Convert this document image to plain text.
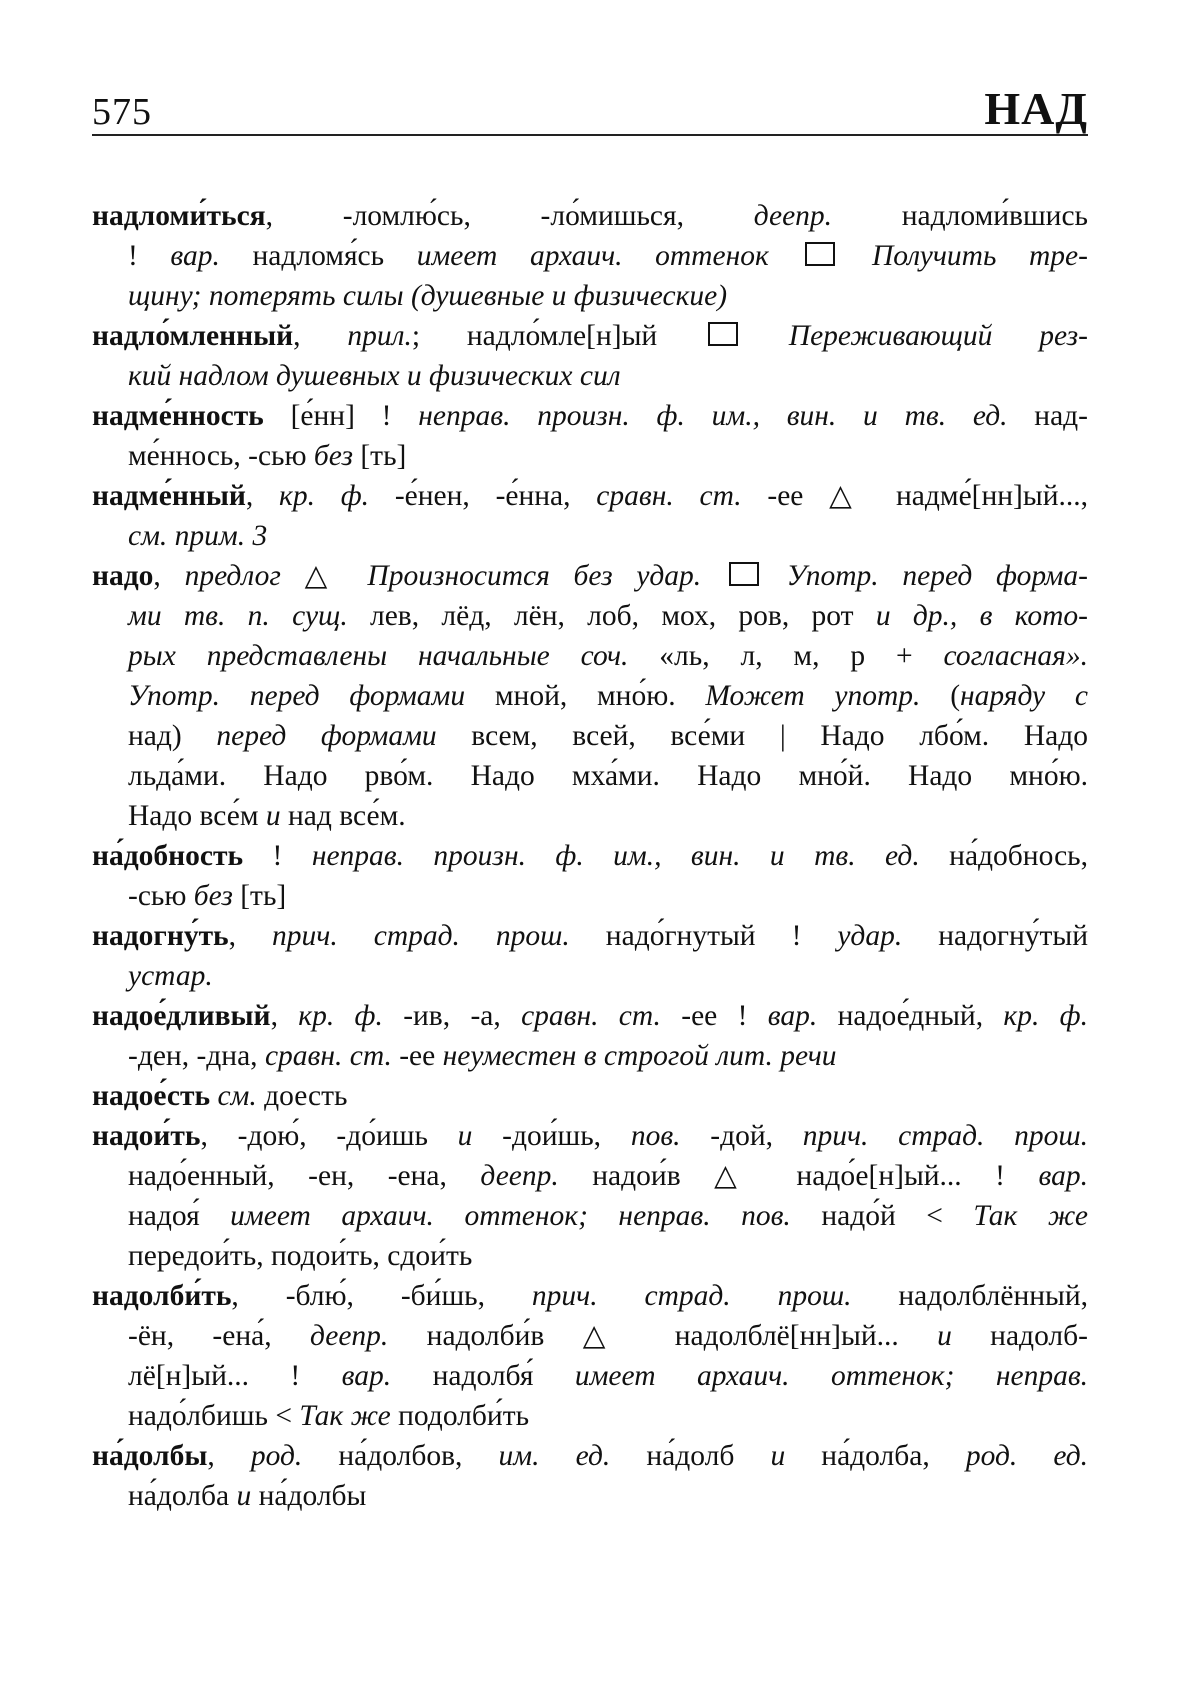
575	НАД
надломи́ться, -ломлю́сь, -ло́мишься, деепр. надломи́вшись
! вар. надломя́сь имеет архаич. оттенок  Получить тре-
щину; потерять силы (душевные и физические)
надло́мленный, прил.; надло́мле[н]ый  Переживающий рез-
кий надлом душевных и физических сил
надме́нность [е́нн] ! неправ. произн. ф. им., вин. и тв. ед. над-
ме́ннось, -сью без [ть]
надме́нный, кр. ф. -е́нен, -е́нна, сравн. ст. -ее △ надме́[нн]ый...,
см. прим. 3
надо, предлог △ Произносится без удар.  Употр. перед форма-
ми тв. п. сущ. лев, лёд, лён, лоб, мох, ров, рот и др., в кото-
рых представлены начальные соч. «ль, л, м, р + согласная».
Употр. перед формами мной, мно́ю. Может употр. (наряду с
над) перед формами всем, всей, все́ми | Надо лбо́м. Надо
льда́ми. Надо рво́м. Надо мха́ми. Надо мно́й. Надо мно́ю.
Надо все́м и над все́м.
на́добность ! неправ. произн. ф. им., вин. и тв. ед. на́добнось,
-сью без [ть]
надогну́ть, прич. страд. прош. надо́гнутый ! удар. надогну́тый
устар.
надое́дливый, кр. ф. -ив, -а, сравн. ст. -ее ! вар. надое́дный, кр. ф.
-ден, -дна, сравн. ст. -ее неуместен в строгой лит. речи
надое́сть см. доесть
надои́ть, -дою́, -до́ишь и -дои́шь, пов. -дой, прич. страд. прош.
надо́енный, -ен, -ена, деепр. надои́в △ надо́е[н]ый... ! вар.
надоя́ имеет архаич. оттенок; неправ. пов. надо́й < Так же
передои́ть, подои́ть, сдои́ть
надолби́ть, -блю́, -би́шь, прич. страд. прош. надолблённый,
-ён, -ена́, деепр. надолби́в △ надолблё[нн]ый... и надолб-
лё[н]ый... ! вар. надолбя́ имеет архаич. оттенок; неправ.
надо́лбишь < Так же подолби́ть
на́долбы, род. на́долбов, им. ед. на́долб и на́долба, род. ед.
на́долба и на́долбы
